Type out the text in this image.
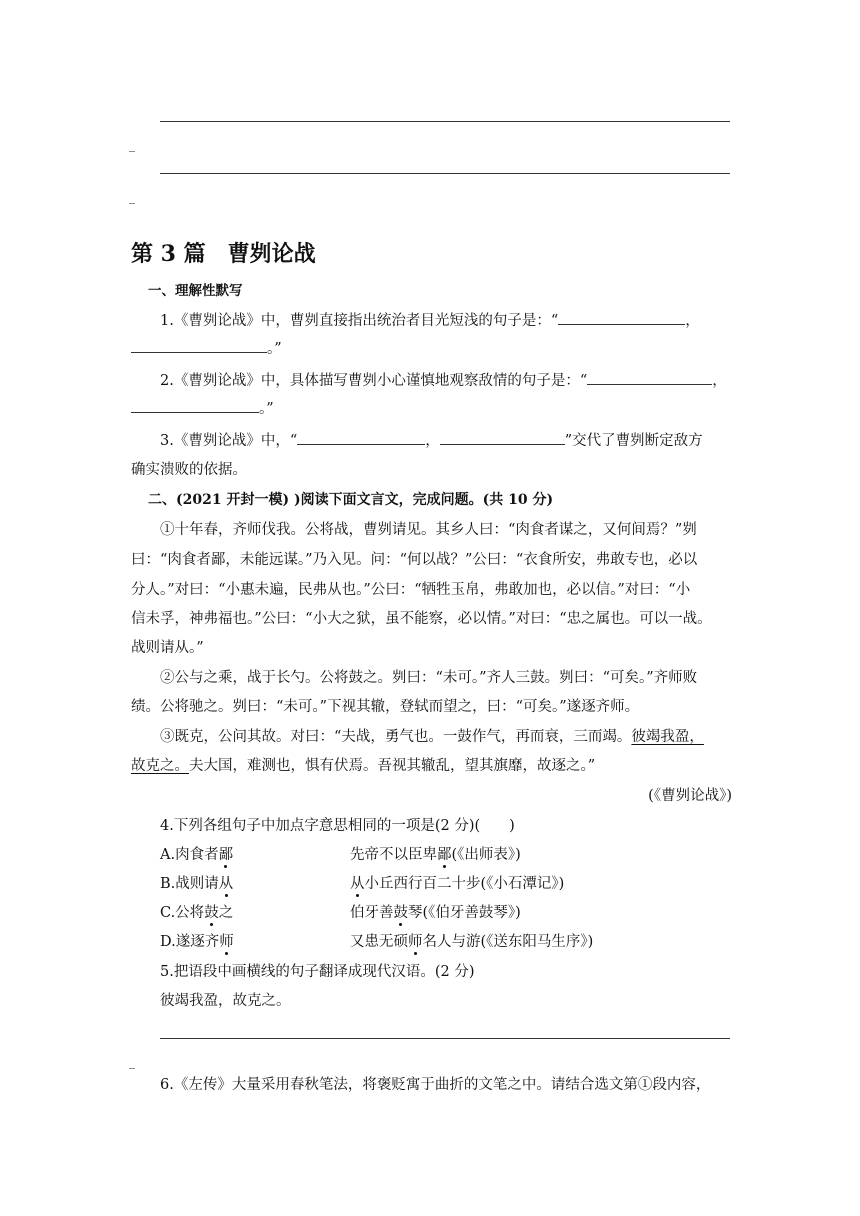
_
_
第 3 篇　曹刿论战
一、理解性默写
1.《曹刿论战》中，曹刿直接指出统治者目光短浅的句子是：“	，
。”
2.《曹刿论战》中，具体描写曹刿小心谨慎地观察敌情的句子是：“	，
。”
3.《曹刿论战》中，“	，	”交代了曹刿断定敌方
确实溃败的依据。
二、(2021 开封一模) )阅读下面文言文，完成问题。(共 10 分)
①十年春，齐师伐我。公将战，曹刿请见。其乡人曰：“肉食者谋之，又何间焉？”刿
曰：“肉食者鄙，未能远谋。”乃入见。问：“何以战？”公曰：“衣食所安，弗敢专也，必以
分人。”对曰：“小惠未遍，民弗从也。”公曰：“牺牲玉帛，弗敢加也，必以信。”对曰：“小
信未孚，神弗福也。”公曰：“小大之狱，虽不能察，必以情。”对曰：“忠之属也。可以一战。
战则请从。”
②公与之乘，战于长勺。公将鼓之。刿曰：“未可。”齐人三鼓。刿曰：“可矣。”齐师败
绩。公将驰之。刿曰：“未可。”下视其辙，登轼而望之，曰：“可矣。”遂逐齐师。
③既克，公问其故。对曰：“夫战，勇气也。一鼓作气，再而衰，三而竭。彼竭我盈，
故克之。夫大国，难测也，惧有伏焉。吾视其辙乱，望其旗靡，故逐之。”
(《曹刿论战》)
4.下列各组句子中加点字意思相同的一项是(2 分)(　　)
A.肉食者鄙	先帝不以臣卑鄙(《出师表》)
B.战则请从	从小丘西行百二十步(《小石潭记》)
C.公将鼓之	伯牙善鼓琴(《伯牙善鼓琴》)
D.遂逐齐师	又患无硕师名人与游(《送东阳马生序》)
5.把语段中画横线的句子翻译成现代汉语。(2 分)
彼竭我盈，故克之。
_
6.《左传》大量采用春秋笔法，将褒贬寓于曲折的文笔之中。请结合选文第①段内容，
